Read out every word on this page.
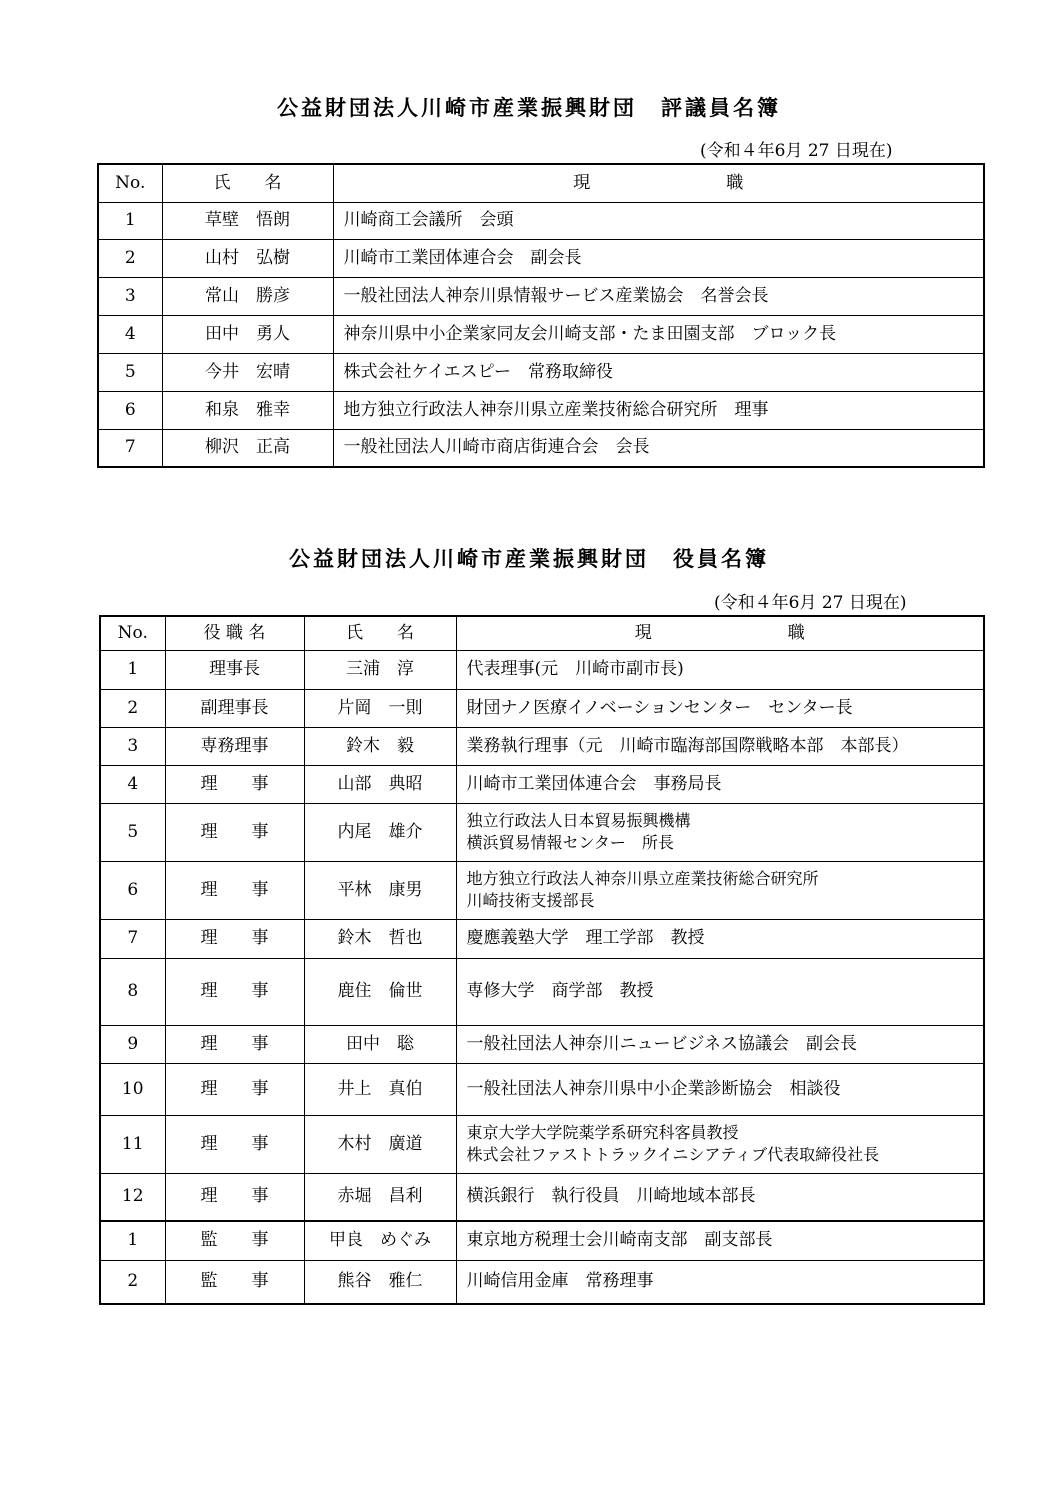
公益財団法人川崎市産業振興財団　評議員名簿
(令和４年6月 27 日現在)
No.	氏　　名	現　　　　　　　　職
1	草壁　悟朗	川崎商工会議所　会頭
2	山村　弘樹	川崎市工業団体連合会　副会長
3	常山　勝彦	一般社団法人神奈川県情報サービス産業協会　名誉会長
4	田中　勇人	神奈川県中小企業家同友会川崎支部・たま田園支部　ブロック長
5	今井　宏晴	株式会社ケイエスピー　常務取締役
6	和泉　雅幸	地方独立行政法人神奈川県立産業技術総合研究所　理事
7	柳沢　正高	一般社団法人川崎市商店街連合会　会長
公益財団法人川崎市産業振興財団　役員名簿
(令和４年6月 27 日現在)
No.	役 職 名	氏　　名	現　　　　　　　　職
1	理事長	三浦　淳	代表理事(元　川崎市副市長)

2	副理事長	片岡　一則	財団ナノ医療イノベーションセンター　センター長

3	専務理事	鈴木　毅	業務執行理事（元　川崎市臨海部国際戦略本部　本部長）

4	理　　事	山部　典昭	川崎市工業団体連合会　事務局長

5	理　　事	内尾　雄介	独立行政法人日本貿易振興機構
横浜貿易情報センター　所長

6	理　　事	平林　康男	地方独立行政法人神奈川県立産業技術総合研究所
川崎技術支援部長

7	理　　事	鈴木　哲也	慶應義塾大学　理工学部　教授

8	理　　事	鹿住　倫世	専修大学　商学部　教授

9	理　　事	田中　聡	一般社団法人神奈川ニュービジネス協議会　副会長

10	理　　事	井上　真伯	一般社団法人神奈川県中小企業診断協会　相談役

11	理　　事	木村　廣道	東京大学大学院薬学系研究科客員教授
株式会社ファストトラックイニシアティブ代表取締役社長

12	理　　事	赤堀　昌利	横浜銀行　執行役員　川崎地域本部長

1	監　　事	甲良　めぐみ	東京地方税理士会川崎南支部　副支部長

2	監　　事	熊谷　雅仁	川崎信用金庫　常務理事
